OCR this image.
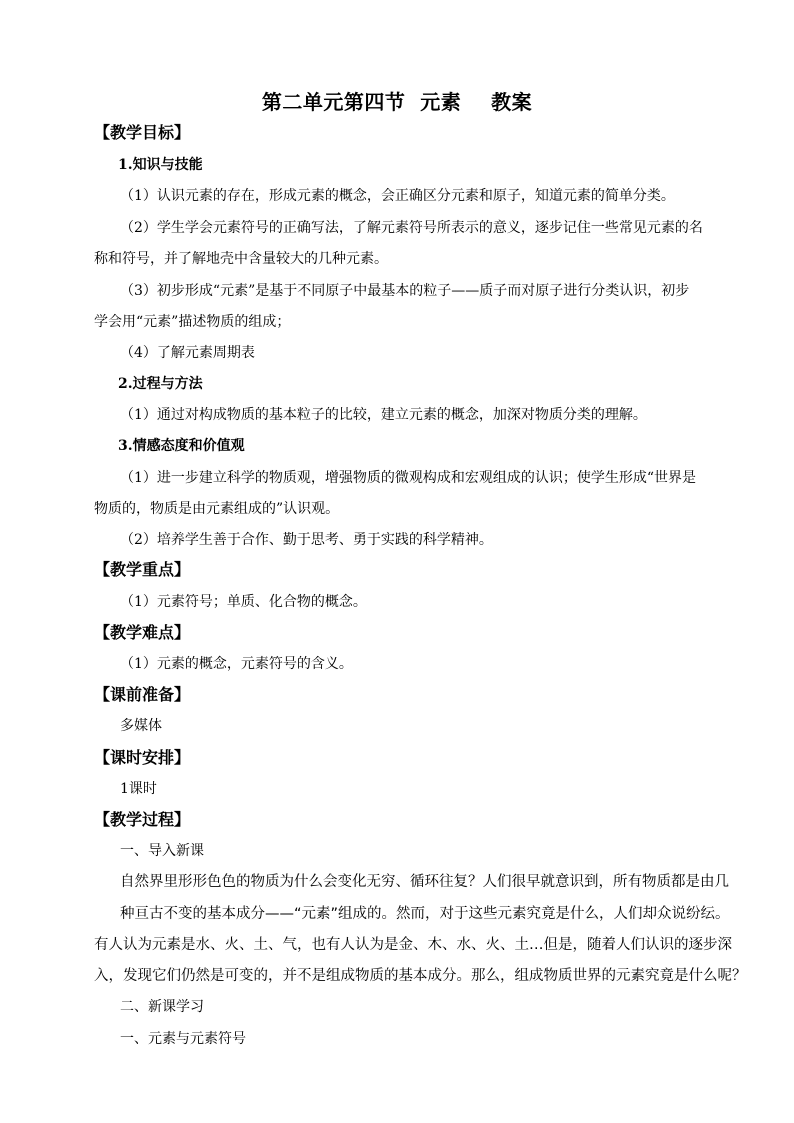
第二单元第四节  元素    教案
【教学目标】
1.知识与技能
（1）认识元素的存在，形成元素的概念，会正确区分元素和原子，知道元素的简单分类。
（2）学生学会元素符号的正确写法，了解元素符号所表示的意义，逐步记住一些常见元素的名
称和符号，并了解地壳中含量较大的几种元素。
（3）初步形成“元素”是基于不同原子中最基本的粒子——质子而对原子进行分类认识，初步
学会用“元素”描述物质的组成；
（4）了解元素周期表
2.过程与方法
（1）通过对构成物质的基本粒子的比较，建立元素的概念，加深对物质分类的理解。
3.情感态度和价值观
（1）进一步建立科学的物质观，增强物质的微观构成和宏观组成的认识；使学生形成“世界是
物质的，物质是由元素组成的”认识观。
（2）培养学生善于合作、勤于思考、勇于实践的科学精神。
【教学重点】
（1）元素符号；单质、化合物的概念。
【教学难点】
（1）元素的概念，元素符号的含义。
【课前准备】
多媒体
【课时安排】
1课时
【教学过程】
一、导入新课
自然界里形形色色的物质为什么会变化无穷、循环往复？人们很早就意识到，所有物质都是由几
种亘古不变的基本成分——“元素”组成的。然而，对于这些元素究竟是什么，人们却众说纷纭。
有人认为元素是水、火、土、气，也有人认为是金、木、水、火、土…但是，随着人们认识的逐步深
入，发现它们仍然是可变的，并不是组成物质的基本成分。那么，组成物质世界的元素究竟是什么呢？
二、新课学习
一、元素与元素符号
